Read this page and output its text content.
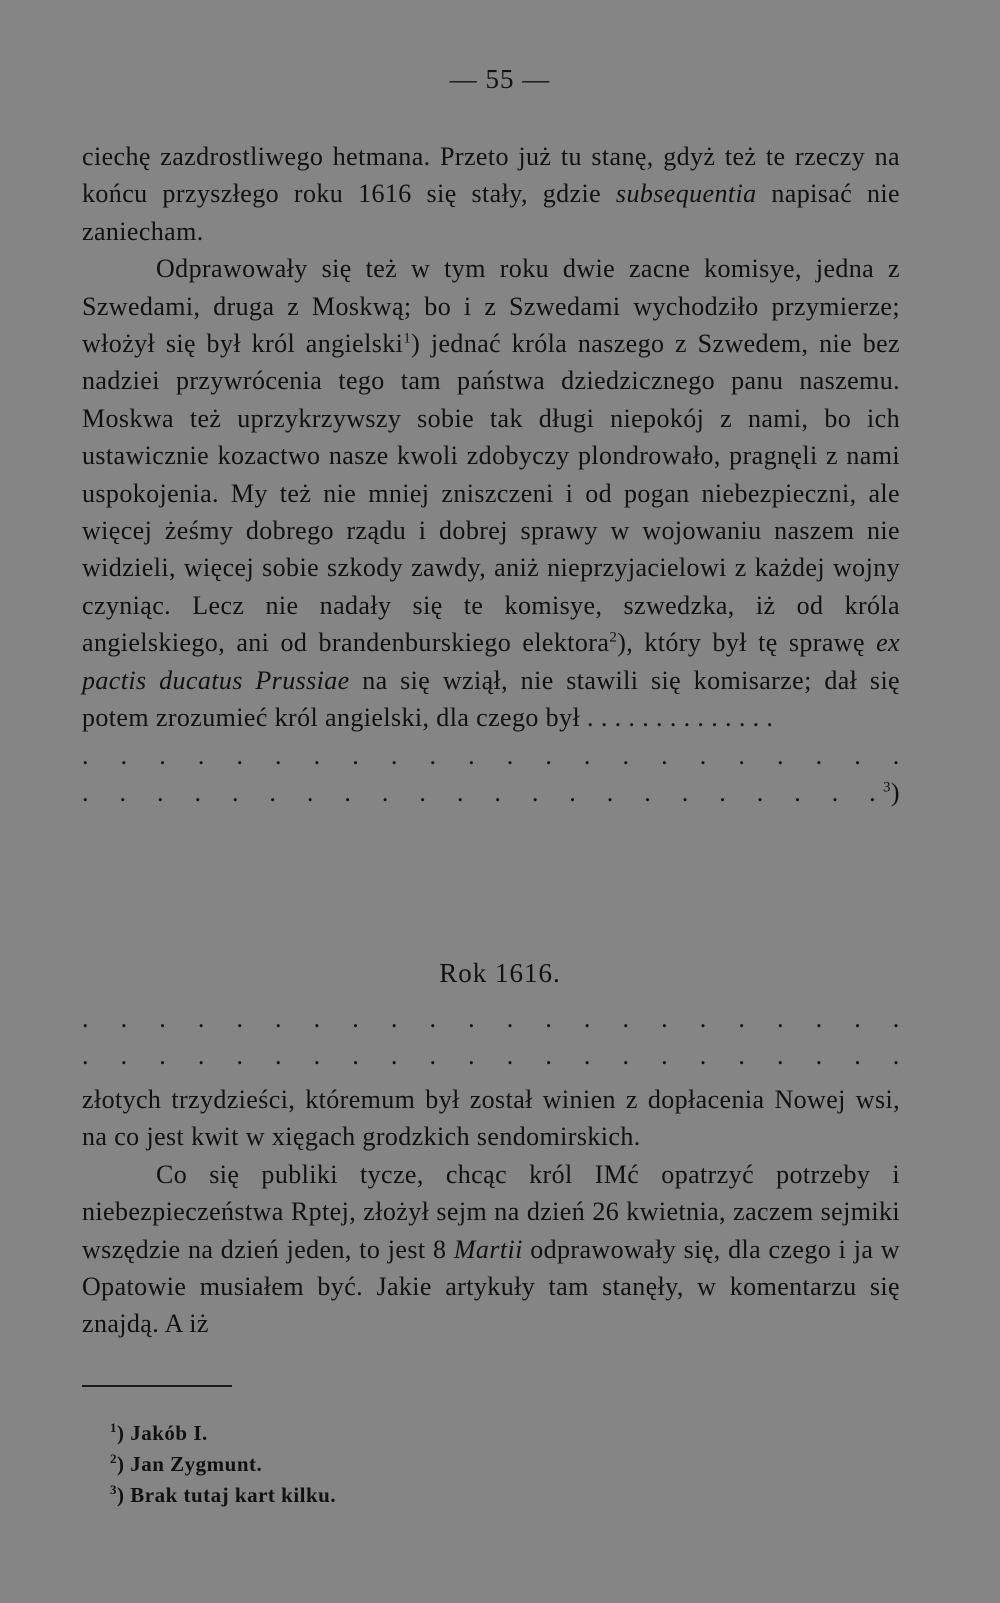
— 55 —

ciechę zazdrostliwego hetmana. Przeto już tu stanę, gdyż też te rzeczy na końcu przyszłego roku 1616 się stały, gdzie subsequentia napisać nie zaniecham.

Odprawowały się też w tym roku dwie zacne komisye, jedna z Szwedami, druga z Moskwą; bo i z Szwedami wychodziło przymierze; włożył się był król angielski$^1$) jednać króla naszego z Szwedem, nie bez nadziei przywrócenia tego tam państwa dziedzicznego panu naszemu. Moskwa też uprzykrzywszy sobie tak długi niepokój z nami, bo ich ustawicznie kozactwo nasze kwoli zdobyczy plondrowało, pragnęli z nami uspokojenia. My też nie mniej zniszczeni i od pogan niebezpieczni, ale więcej żeśmy dobrego rządu i dobrej sprawy w wojowaniu naszem nie widzieli, więcej sobie szkody zawdy, aniż nieprzyjacielowi z każdej wojny czyniąc. Lecz nie nadały się te komisye, szwedzka, iż od króla angielskiego, ani od brandenburskiego elektora$^2$), który był tę sprawę ex pactis ducatus Prussiae na się wziął, nie stawili się komisarze; dał się potem zrozumieć król angielski, dla czego był . . . . . . . . . . . . . .

. . . . . . . . . . . . . . . . . . . . . .
. . . . . . . . . . . . . . . . . . . . . . $^3$)
Rok 1616.
. . . . . . . . . . . . . . . . . . . . . .
. . . . . . . . . . . . . . . . . . . . . .

złotych trzydzieści, któremum był został winien z dopłacenia Nowej wsi, na co jest kwit w xięgach grodzkich sendomirskich.

Co się publiki tycze, chcąc król IMć opatrzyć potrzeby i niebezpieczeństwa Rptej, złożył sejm na dzień 26 kwietnia, zaczem sejmiki wszędzie na dzień jeden, to jest 8 Martii odprawowały się, dla czego i ja w Opatowie musiałem być. Jakie artykuły tam stanęły, w komentarzu się znajdą. A iż

$^1$) Jakób I.
$^2$) Jan Zygmunt.
$^3$) Brak tutaj kart kilku.
